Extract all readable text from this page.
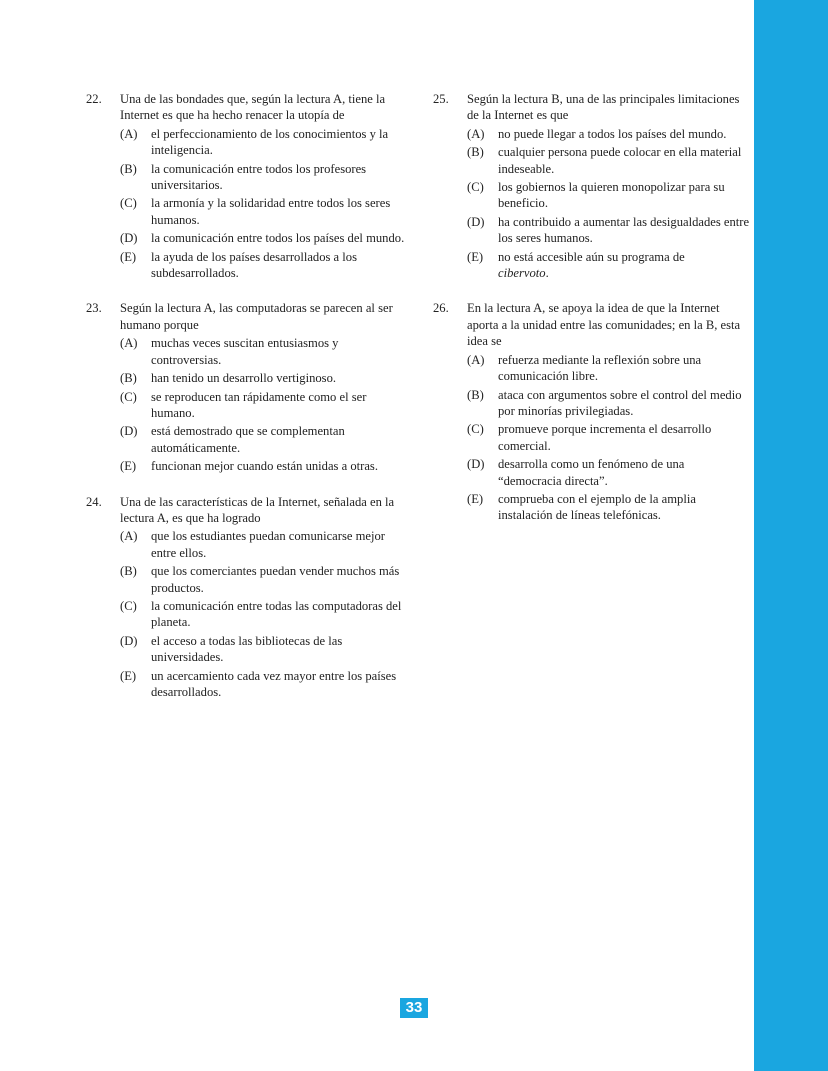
22. Una de las bondades que, según la lectura A, tiene la Internet es que ha hecho renacer la utopía de
(A) el perfeccionamiento de los conocimientos y la inteligencia.
(B) la comunicación entre todos los profesores universitarios.
(C) la armonía y la solidaridad entre todos los seres humanos.
(D) la comunicación entre todos los países del mundo.
(E) la ayuda de los países desarrollados a los subdesarrollados.
23. Según la lectura A, las computadoras se parecen al ser humano porque
(A) muchas veces suscitan entusiasmos y controversias.
(B) han tenido un desarrollo vertiginoso.
(C) se reproducen tan rápidamente como el ser humano.
(D) está demostrado que se complementan automáticamente.
(E) funcionan mejor cuando están unidas a otras.
24. Una de las características de la Internet, señalada en la lectura A, es que ha logrado
(A) que los estudiantes puedan comunicarse mejor entre ellos.
(B) que los comerciantes puedan vender muchos más productos.
(C) la comunicación entre todas las computadoras del planeta.
(D) el acceso a todas las bibliotecas de las universidades.
(E) un acercamiento cada vez mayor entre los países desarrollados.
25. Según la lectura B, una de las principales limitaciones de la Internet es que
(A) no puede llegar a todos los países del mundo.
(B) cualquier persona puede colocar en ella material indeseable.
(C) los gobiernos la quieren monopolizar para su beneficio.
(D) ha contribuido a aumentar las desigualdades entre los seres humanos.
(E) no está accesible aún su programa de
cibervoto.
26. En la lectura A, se apoya la idea de que la Internet aporta a la unidad entre las comunidades; en la B, esta idea se
(A) refuerza mediante la reflexión sobre una comunicación libre.
(B) ataca con argumentos sobre el control del medio por minorías privilegiadas.
(C) promueve porque incrementa el desarrollo comercial.
(D) desarrolla como un fenómeno de una “democracia directa”.
(E) comprueba con el ejemplo de la amplia instalación de líneas telefónicas.
33
